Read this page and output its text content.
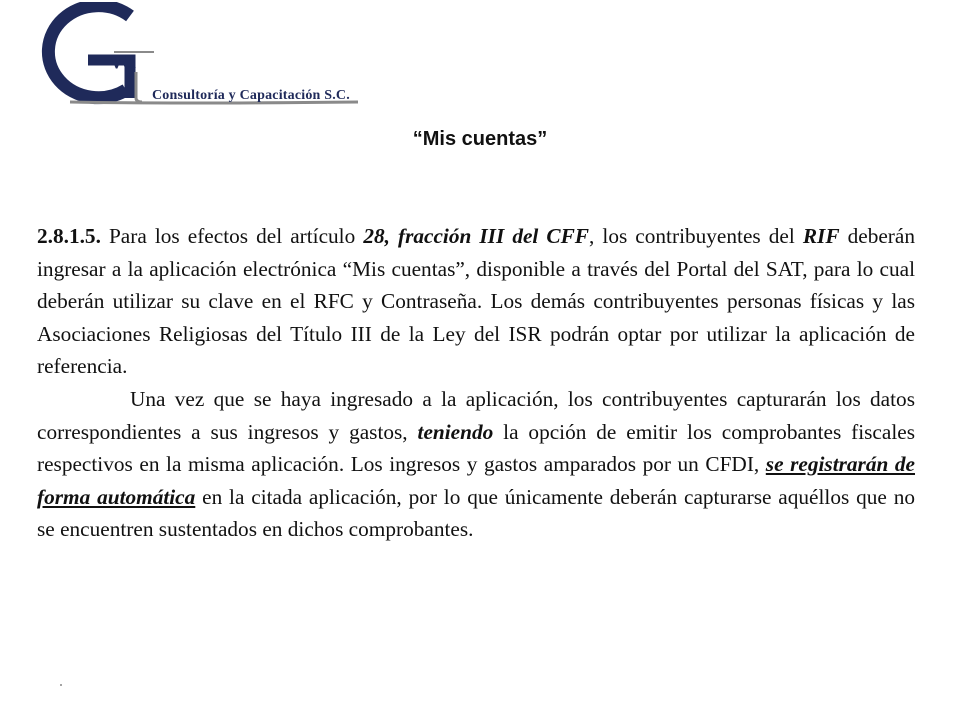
va
Consultoría y Capacitación S.C.
“Mis cuentas”

2.8.1.5. Para los efectos del artículo 28, fracción III del CFF, los contribuyentes del RIF deberán ingresar a la aplicación electrónica “Mis cuentas”, disponible a través del Portal del SAT, para lo cual deberán utilizar su clave en el RFC y Contraseña. Los demás contribuyentes personas físicas y las Asociaciones Religiosas del Título III de la Ley del ISR podrán optar por utilizar la aplicación de referencia.

Una vez que se haya ingresado a la aplicación, los contribuyentes capturarán los datos correspondientes a sus ingresos y gastos, teniendo la opción de emitir los comprobantes fiscales respectivos en la misma aplicación. Los ingresos y gastos amparados por un CFDI, se registrarán de forma automática en la citada aplicación, por lo que únicamente deberán capturarse aquéllos que no se encuentren sustentados en dichos comprobantes.
